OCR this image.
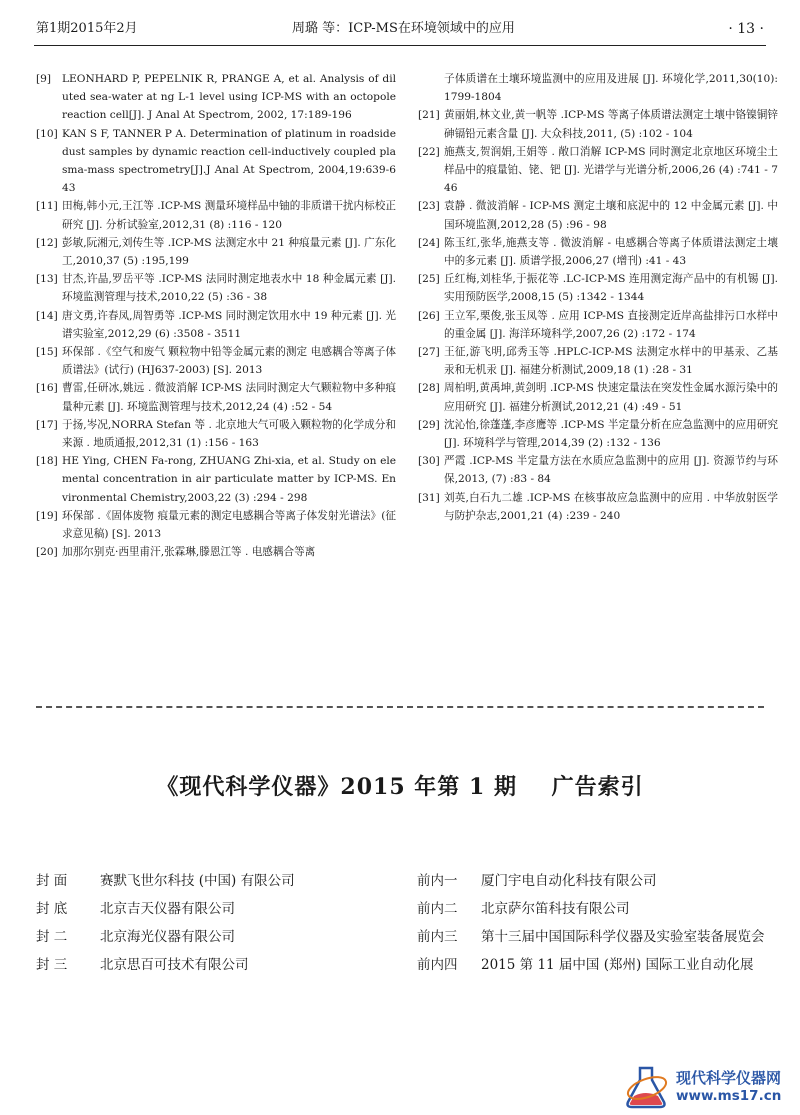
第1期2015年2月	周璐 等：ICP-MS在环境领域中的应用	· 13 ·
[9] LEONHARD P, PEPELNIK R, PRANGE A, et al. Analysis of diluted sea-water at ng L-1 level using ICP-MS with an octopole reaction cell[J]. J Anal At Spectrom, 2002, 17:189-196
[10] KAN S F, TANNER P A. Determination of platinum in roadside dust samples by dynamic reaction cell-inductively coupled plasma-mass spectrometry[J].J Anal At Spectrom, 2004,19:639-643
[11] 田梅,韩小元,王江等 .ICP-MS 测量环境样品中铀的非质谱干扰内标校正研究 [J]. 分析试验室,2012,31 (8) :116 - 120
[12] 彭敏,阮湘元,刘传生等 .ICP-MS 法测定水中 21 种痕量元素 [J]. 广东化工,2010,37 (5) :195,199
[13] 甘杰,许晶,罗岳平等 .ICP-MS 法同时测定地表水中 18 种金属元素 [J]. 环境监测管理与技术,2010,22 (5) :36 - 38
[14] 唐文勇,许春凤,周智勇等 .ICP-MS 同时测定饮用水中 19 种元素 [J]. 光谱实验室,2012,29 (6) :3508 - 3511
[15] 环保部 .《空气和废气 颗粒物中铅等金属元素的测定 电感耦合等离子体质谱法》(试行) (HJ637-2003) [S]. 2013
[16] 曹雷,任研冰,姚远 . 微波消解 ICP-MS 法同时测定大气颗粒物中多种痕量种元素 [J]. 环境监测管理与技术,2012,24 (4) :52 - 54
[17] 于扬,岑况,NORRA Stefan 等 . 北京地大气可吸入颗粒物的化学成分和来源 . 地质通报,2012,31 (1) :156 - 163
[18] HE Ying, CHEN Fa-rong, ZHUANG Zhi-xia, et al. Study on elemental concentration in air particulate matter by ICP-MS. Environmental Chemistry,2003,22 (3) :294 - 298
[19] 环保部 .《固体废物 痕量元素的测定电感耦合等离子体发射光谱法》(征求意见稿) [S]. 2013
[20] 加那尔别克·西里甫汗,张霖琳,滕恩江等 . 电感耦合等离
子体质谱在土壤环境监测中的应用及进展 [J]. 环境化学,2011,30(10):1799-1804
[21] 黄丽娟,林文业,黄一帆等 .ICP-MS 等离子体质谱法测定土壤中铬镍铜锌砷镉铅元素含量 [J]. 大众科技,2011, (5) :102 - 104
[22] 施燕支,贺润娟,王娟等 . 敞口消解 ICP-MS 同时测定北京地区环境尘土样品中的痕量铂、铑、钯 [J]. 光谱学与光谱分析,2006,26 (4) :741 - 746
[23] 袁静 . 微波消解 - ICP-MS 测定土壤和底泥中的 12 中金属元素 [J]. 中国环境监测,2012,28 (5) :96 - 98
[24] 陈玉红,张华,施燕支等 . 微波消解 - 电感耦合等离子体质谱法测定土壤中的多元素 [J]. 质谱学报,2006,27 (增刊) :41 - 43
[25] 丘红梅,刘桂华,于振花等 .LC-ICP-MS 连用测定海产品中的有机锡 [J]. 实用预防医学,2008,15 (5) :1342 - 1344
[26] 王立军,栗俊,张玉凤等 . 应用 ICP-MS 直接测定近岸高盐排污口水样中的重金属 [J]. 海洋环境科学,2007,26 (2) :172 - 174
[27] 王征,游飞明,邱秀玉等 .HPLC-ICP-MS 法测定水样中的甲基汞、乙基汞和无机汞 [J]. 福建分析测试,2009,18 (1) :28 - 31
[28] 周柏明,黄禹坤,黄剑明 .ICP-MS 快速定量法在突发性金属水源污染中的应用研究 [J]. 福建分析测试,2012,21 (4) :49 - 51
[29] 沈沁怡,徐蓬蓬,李彦鹰等 .ICP-MS 半定量分析在应急监测中的应用研究 [J]. 环境科学与管理,2014,39 (2) :132 - 136
[30] 严霞 .ICP-MS 半定量方法在水质应急监测中的应用 [J]. 资源节约与环保,2013, (7) :83 - 84
[31] 刘英,白石九二雄 .ICP-MS 在核事故应急监测中的应用 . 中华放射医学与防护杂志,2001,21 (4) :239 - 240
《现代科学仪器》2015 年第 1 期    广告索引
封 面 赛默飞世尔科技 (中国) 有限公司
封 底 北京吉天仪器有限公司
封 二 北京海光仪器有限公司
封 三 北京思百可技术有限公司
前内一 厦门宇电自动化科技有限公司
前内二 北京萨尔笛科技有限公司
前内三 第十三届中国国际科学仪器及实验室装备展览会
前内四 2015 第 11 届中国 (郑州) 国际工业自动化展
现代科学仪器网
www.ms17.cn
